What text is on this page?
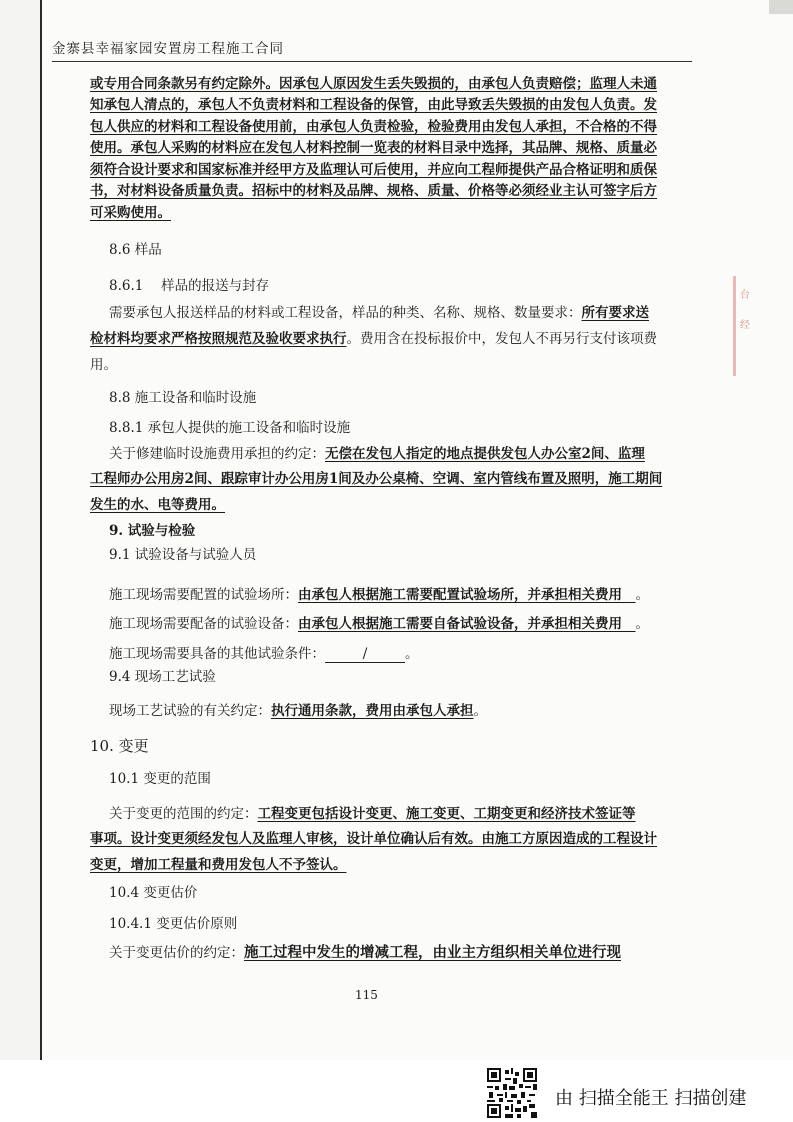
金寨县幸福家园安置房工程施工合同
台
经
或专用合同条款另有约定除外。因承包人原因发生丢失毁损的，由承包人负责赔偿；监理人未通
知承包人清点的，承包人不负责材料和工程设备的保管，由此导致丢失毁损的由发包人负责。发
包人供应的材料和工程设备使用前，由承包人负责检验，检验费用由发包人承担，不合格的不得
使用。承包人采购的材料应在发包人材料控制一览表的材料目录中选择，其品牌、规格、质量必
须符合设计要求和国家标准并经甲方及监理认可后使用，并应向工程师提供产品合格证明和质保
书，对材料设备质量负责。招标中的材料及品牌、规格、质量、价格等必须经业主认可签字后方
可采购使用。
8.6 样品
8.6.1　 样品的报送与封存
需要承包人报送样品的材料或工程设备，样品的种类、名称、规格、数量要求：所有要求送
检材料均要求严格按照规范及验收要求执行。费用含在投标报价中，发包人不再另行支付该项费
用。
8.8 施工设备和临时设施
8.8.1 承包人提供的施工设备和临时设施
关于修建临时设施费用承担的约定：无偿在发包人指定的地点提供发包人办公室2间、监理
工程师办公用房2间、跟踪审计办公用房1间及办公桌椅、空调、室内管线布置及照明，施工期间
发生的水、电等费用。
9. 试验与检验
9.1 试验设备与试验人员
施工现场需要配置的试验场所：由承包人根据施工需要配置试验场所，并承担相关费用　。
施工现场需要配备的试验设备：由承包人根据施工需要自备试验设备，并承担相关费用　。
施工现场需要具备的其他试验条件：	/	。
9.4 现场工艺试验
现场工艺试验的有关约定：执行通用条款，费用由承包人承担。
10. 变更
10.1 变更的范围
关于变更的范围的约定：工程变更包括设计变更、施工变更、工期变更和经济技术签证等
事项。设计变更须经发包人及监理人审核，设计单位确认后有效。由施工方原因造成的工程设计
变更，增加工程量和费用发包人不予签认。
10.4 变更估价
10.4.1 变更估价原则
关于变更估价的约定：施工过程中发生的增减工程，由业主方组织相关单位进行现
115
由 扫描全能王 扫描创建
